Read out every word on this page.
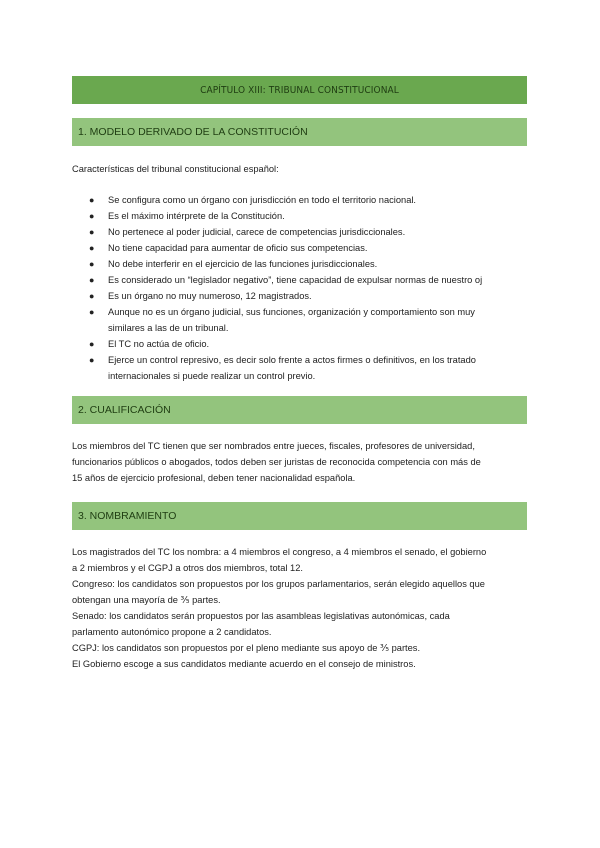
CAPÍTULO XIII: TRIBUNAL CONSTITUCIONAL
1. MODELO DERIVADO DE LA CONSTITUCIÓN

Características del tribunal constitucional español:

● Se configura como un órgano con jurisdicción en todo el territorio nacional.
● Es el máximo intérprete de la Constitución.
● No pertenece al poder judicial, carece de competencias jurisdiccionales.
● No tiene capacidad para aumentar de oficio sus competencias.
● No debe interferir en el ejercicio de las funciones jurisdiccionales.
● Es considerado un “legislador negativo”, tiene capacidad de expulsar normas de nuestro oj
● Es un órgano no muy numeroso, 12 magistrados.
● Aunque no es un órgano judicial, sus funciones, organización y comportamiento son muy
similares a las de un tribunal.
● El TC no actúa de oficio.
● Ejerce un control represivo, es decir solo frente a actos firmes o definitivos, en los tratado
internacionales si puede realizar un control previo.
2. CUALIFICACIÓN

Los miembros del TC tienen que ser nombrados entre jueces, fiscales, profesores de universidad,
funcionarios públicos o abogados, todos deben ser juristas de reconocida competencia con más de
15 años de ejercicio profesional, deben tener nacionalidad española.

3. NOMBRAMIENTO

Los magistrados del TC los nombra: a 4 miembros el congreso, a 4 miembros el senado, el gobierno
a 2 miembros y el CGPJ a otros dos miembros, total 12.
Congreso: los candidatos son propuestos por los grupos parlamentarios, serán elegido aquellos que
obtengan una mayoría de ⅗ partes.
Senado: los candidatos serán propuestos por las asambleas legislativas autonómicas, cada
parlamento autonómico propone a 2 candidatos.
CGPJ: los candidatos son propuestos por el pleno mediante sus apoyo de ⅗ partes.
El Gobierno escoge a sus candidatos mediante acuerdo en el consejo de ministros.
